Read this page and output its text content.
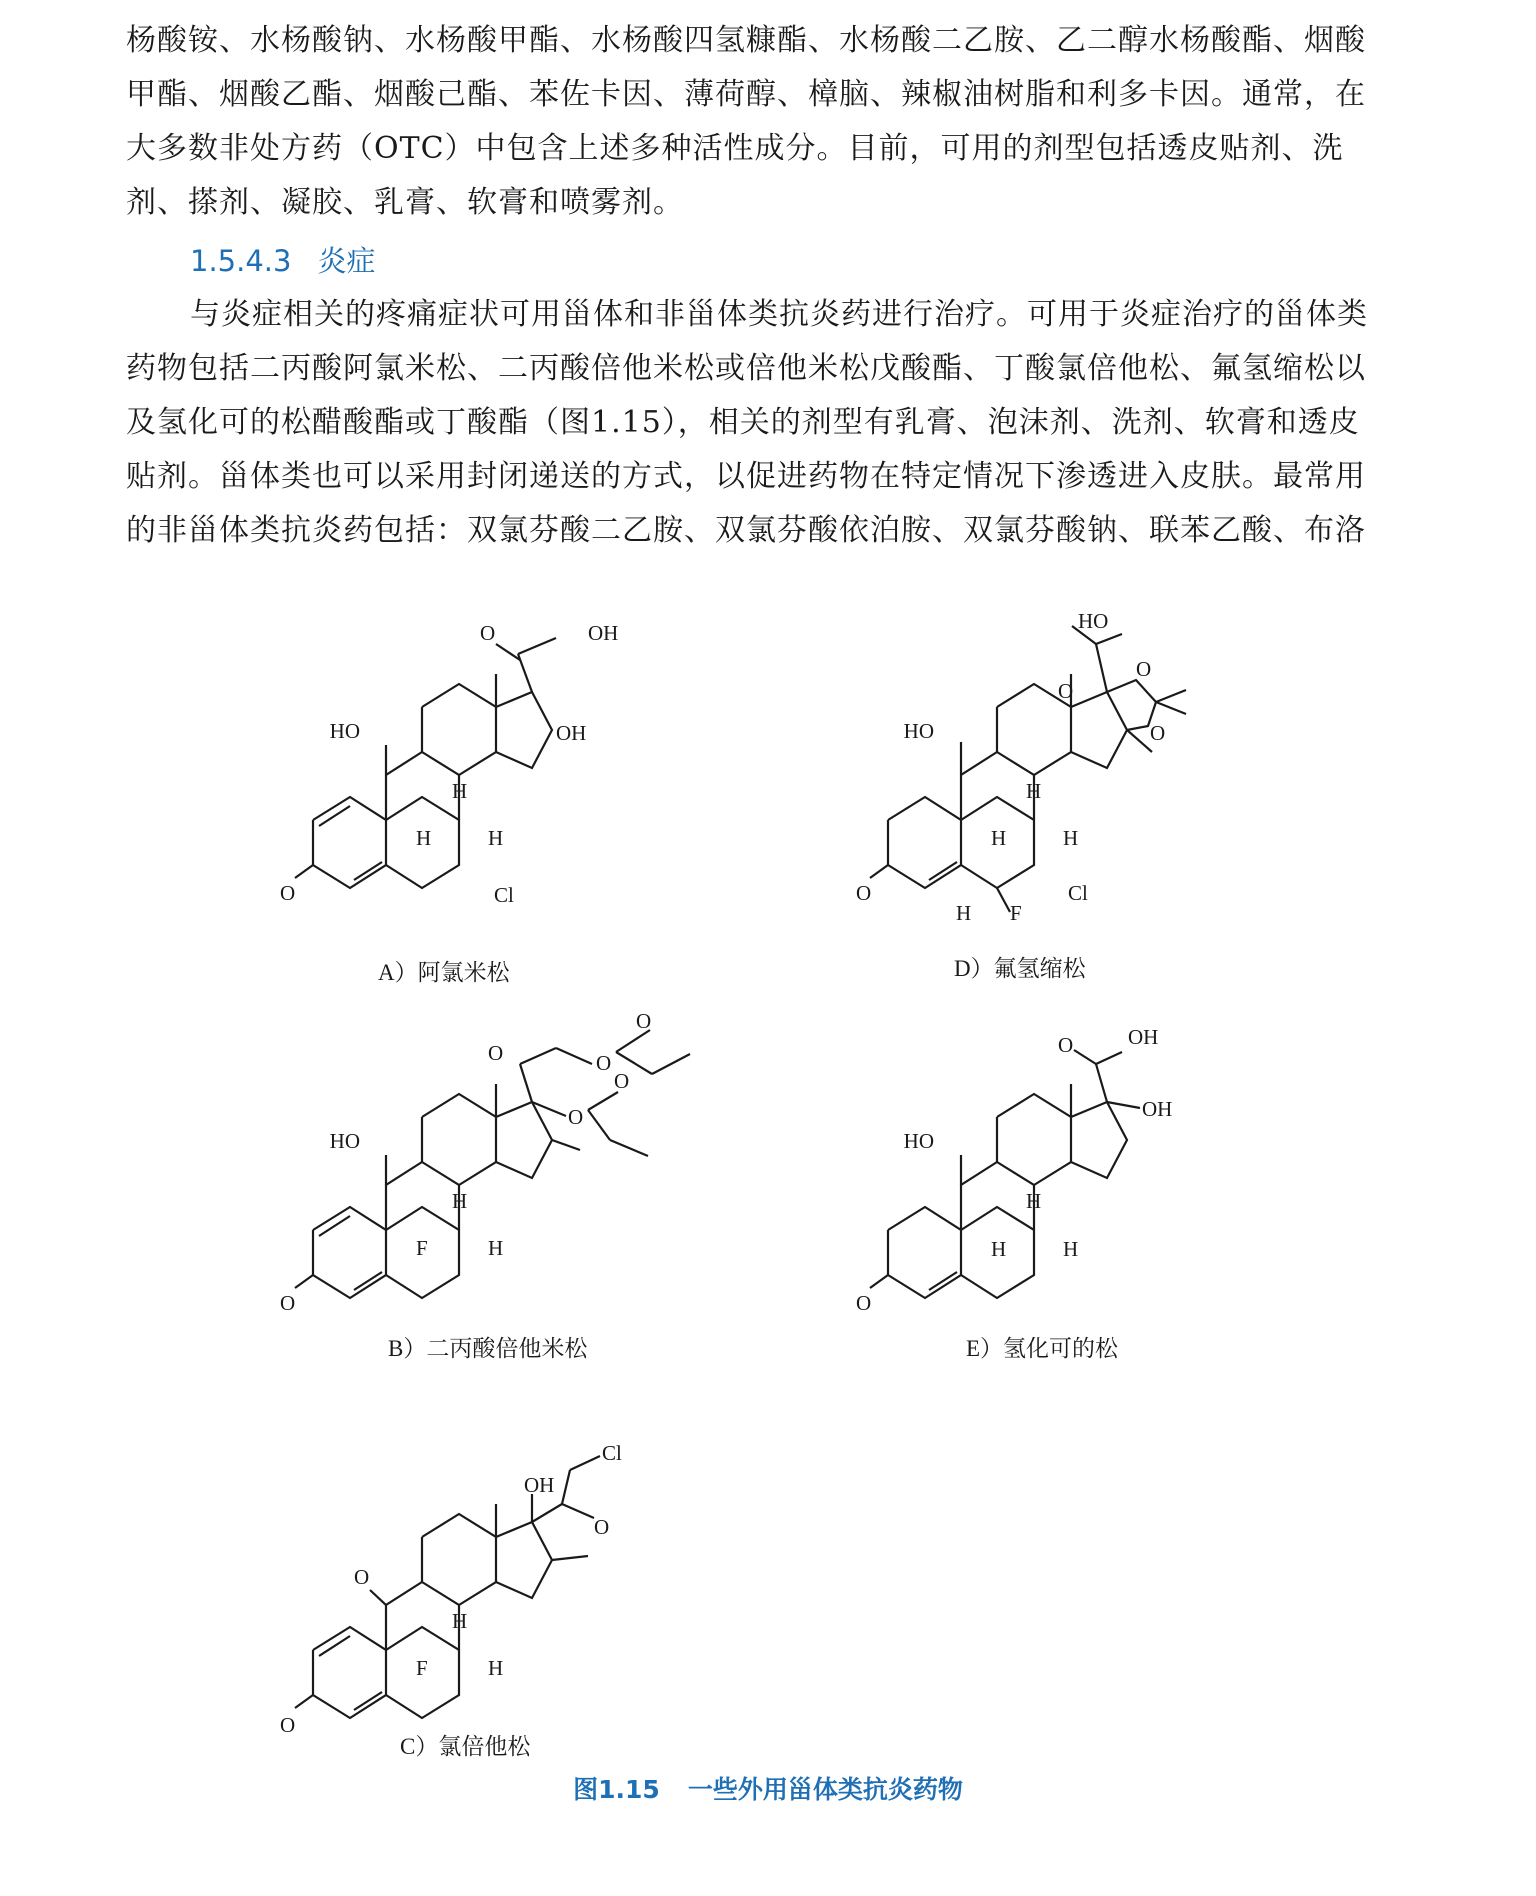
杨酸铵、水杨酸钠、水杨酸甲酯、水杨酸四氢糠酯、水杨酸二乙胺、乙二醇水杨酸酯、烟酸
甲酯、烟酸乙酯、烟酸己酯、苯佐卡因、薄荷醇、樟脑、辣椒油树脂和利多卡因。通常，在
大多数非处方药（OTC）中包含上述多种活性成分。目前，可用的剂型包括透皮贴剂、洗
剂、搽剂、凝胶、乳膏、软膏和喷雾剂。
1.5.4.3 炎症
与炎症相关的疼痛症状可用甾体和非甾体类抗炎药进行治疗。可用于炎症治疗的甾体类
药物包括二丙酸阿氯米松、二丙酸倍他米松或倍他米松戊酸酯、丁酸氯倍他松、氟氢缩松以
及氢化可的松醋酸酯或丁酸酯（图1.15），相关的剂型有乳膏、泡沫剂、洗剂、软膏和透皮
贴剂。甾体类也可以采用封闭递送的方式，以促进药物在特定情况下渗透进入皮肤。最常用
的非甾体类抗炎药包括：双氯芬酸二乙胺、双氯芬酸依泊胺、双氯芬酸钠、联苯乙酸、布洛
HO	OH
OH
O
H
H	H
Cl
O
A）阿氯米松
HO
HO
O
O
O
H
H	H
Cl
H F
O
D）氟氢缩松
HO
O
O	O
O
O
H
F	H
O
B）二丙酸倍他米松
HO
OH
OH
O
H
H	H
O
E）氢化可的松
O
OH
Cl
O
H
F	H
O
C）氯倍他松
图1.15 一些外用甾体类抗炎药物
